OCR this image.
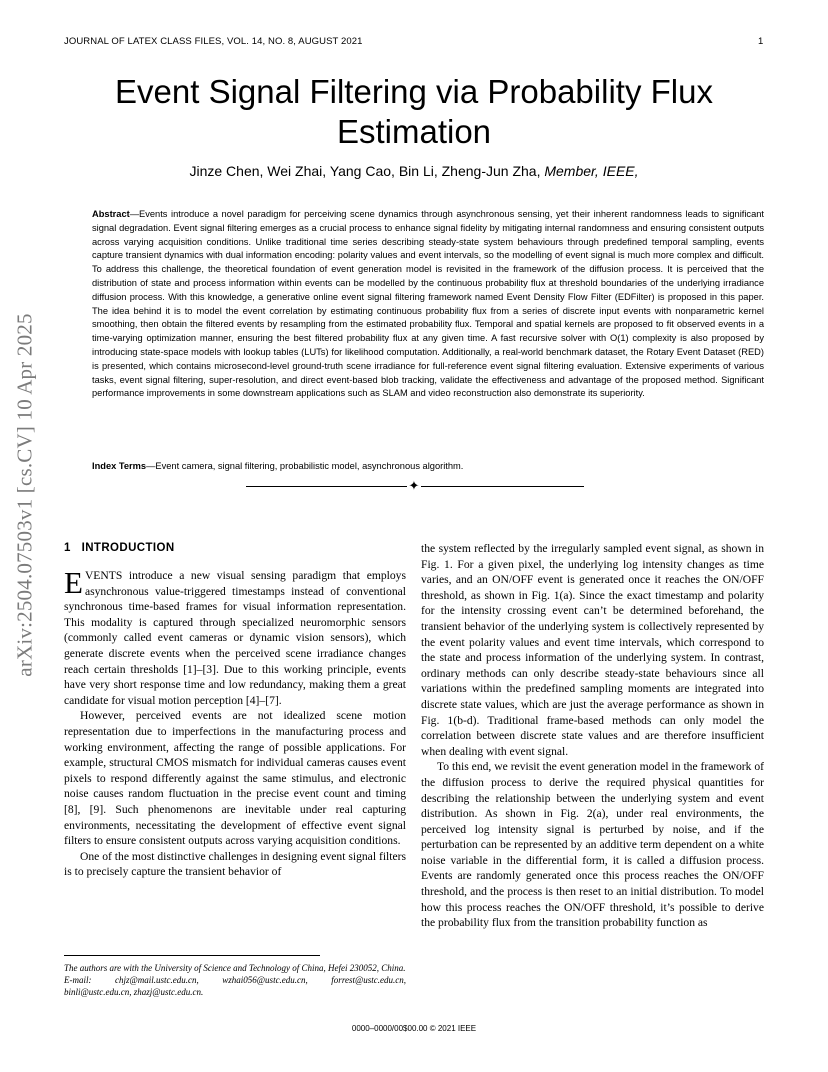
JOURNAL OF LATEX CLASS FILES, VOL. 14, NO. 8, AUGUST 2021	1
arXiv:2504.07503v1 [cs.CV] 10 Apr 2025
Event Signal Filtering via Probability Flux Estimation
Jinze Chen, Wei Zhai, Yang Cao, Bin Li, Zheng-Jun Zha, Member, IEEE,
Abstract—Events introduce a novel paradigm for perceiving scene dynamics through asynchronous sensing, yet their inherent randomness leads to significant signal degradation. Event signal filtering emerges as a crucial process to enhance signal fidelity by mitigating internal randomness and ensuring consistent outputs across varying acquisition conditions. Unlike traditional time series describing steady-state system behaviours through predefined temporal sampling, events capture transient dynamics with dual information encoding: polarity values and event intervals, so the modelling of event signal is much more complex and difficult. To address this challenge, the theoretical foundation of event generation model is revisited in the framework of the diffusion process. It is perceived that the distribution of state and process information within events can be modelled by the continuous probability flux at threshold boundaries of the underlying irradiance diffusion process. With this knowledge, a generative online event signal filtering framework named Event Density Flow Filter (EDFilter) is proposed in this paper. The idea behind it is to model the event correlation by estimating continuous probability flux from a series of discrete input events with nonparametric kernel smoothing, then obtain the filtered events by resampling from the estimated probability flux. Temporal and spatial kernels are proposed to fit observed events in a time-varying optimization manner, ensuring the best filtered probability flux at any given time. A fast recursive solver with O(1) complexity is also proposed by introducing state-space models with lookup tables (LUTs) for likelihood computation. Additionally, a real-world benchmark dataset, the Rotary Event Dataset (RED) is presented, which contains microsecond-level ground-truth scene irradiance for full-reference event signal filtering evaluation. Extensive experiments of various tasks, event signal filtering, super-resolution, and direct event-based blob tracking, validate the effectiveness and advantage of the proposed method. Significant performance improvements in some downstream applications such as SLAM and video reconstruction also demonstrate its superiority.
Index Terms—Event camera, signal filtering, probabilistic model, asynchronous algorithm.
✦
1 INTRODUCTION

EVENTS introduce a new visual sensing paradigm that employs asynchronous value-triggered timestamps instead of conventional synchronous time-based frames for visual information representation. This modality is captured through specialized neuromorphic sensors (commonly called event cameras or dynamic vision sensors), which generate discrete events when the perceived scene irradiance changes reach certain thresholds [1]–[3]. Due to this working principle, events have very short response time and low redundancy, making them a great candidate for visual motion perception [4]–[7].

However, perceived events are not idealized scene motion representation due to imperfections in the manufacturing process and working environment, affecting the range of possible applications. For example, structural CMOS mismatch for individual cameras causes event pixels to respond differently against the same stimulus, and electronic noise causes random fluctuation in the precise event count and timing [8], [9]. Such phenomenons are inevitable under real capturing environments, necessitating the development of effective event signal filters to ensure consistent outputs across varying acquisition conditions.

One of the most distinctive challenges in designing event signal filters is to precisely capture the transient behavior of

the system reflected by the irregularly sampled event signal, as shown in Fig. 1. For a given pixel, the underlying log intensity changes as time varies, and an ON/OFF event is generated once it reaches the ON/OFF threshold, as shown in Fig. 1(a). Since the exact timestamp and polarity for the intensity crossing event can’t be determined beforehand, the transient behavior of the underlying system is collectively represented by the event polarity values and event time intervals, which correspond to the state and process information of the underlying system. In contrast, ordinary methods can only describe steady-state behaviours since all variations within the predefined sampling moments are integrated into discrete state values, which are just the average performance as shown in Fig. 1(b-d). Traditional frame-based methods can only model the correlation between discrete state values and are therefore insufficient when dealing with event signal.

To this end, we revisit the event generation model in the framework of the diffusion process to derive the required physical quantities for describing the relationship between the underlying system and event distribution. As shown in Fig. 2(a), under real environments, the perceived log intensity signal is perturbed by noise, and if the perturbation can be represented by an additive term dependent on a white noise variable in the differential form, it is called a diffusion process. Events are randomly generated once this process reaches the ON/OFF threshold, and the process is then reset to an initial distribution. To model how this process reaches the ON/OFF threshold, it’s possible to derive the probability flux from the transition probability function as

The authors are with the University of Science and Technology of China, Hefei 230052, China.
E-mail: chjz@mail.ustc.edu.cn, wzhai056@ustc.edu.cn, forrest@ustc.edu.cn, binli@ustc.edu.cn, zhazj@ustc.edu.cn.
0000–0000/00$00.00 © 2021 IEEE
